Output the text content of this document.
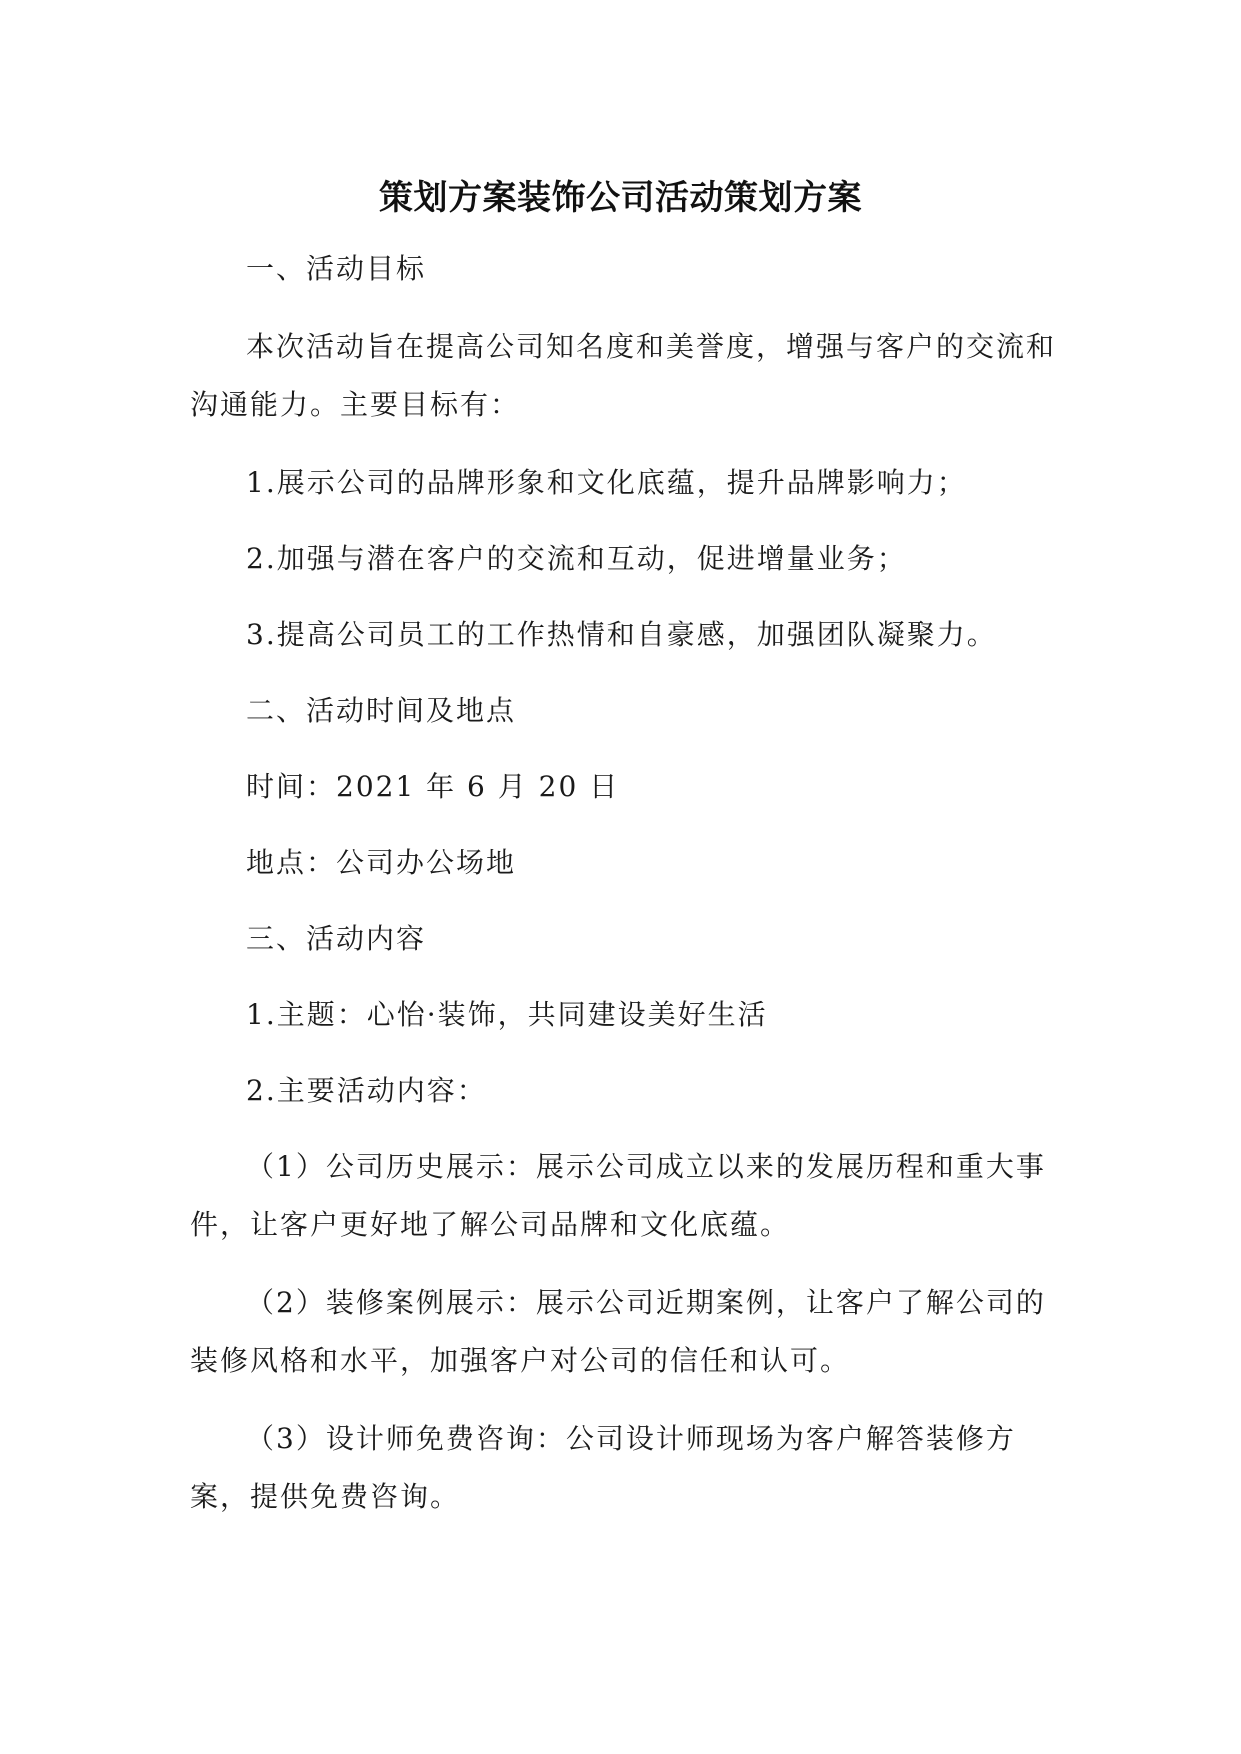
策划方案装饰公司活动策划方案

一、活动目标

本次活动旨在提高公司知名度和美誉度，增强与客户的交流和沟通能力。主要目标有：

1.展示公司的品牌形象和文化底蕴，提升品牌影响力；

2.加强与潜在客户的交流和互动，促进增量业务；

3.提高公司员工的工作热情和自豪感，加强团队凝聚力。

二、活动时间及地点

时间：2021 年 6 月 20 日

地点：公司办公场地

三、活动内容

1.主题：心怡·装饰，共同建设美好生活

2.主要活动内容：

（1）公司历史展示：展示公司成立以来的发展历程和重大事件，让客户更好地了解公司品牌和文化底蕴。

（2）装修案例展示：展示公司近期案例，让客户了解公司的装修风格和水平，加强客户对公司的信任和认可。

（3）设计师免费咨询：公司设计师现场为客户解答装修方案，提供免费咨询。
